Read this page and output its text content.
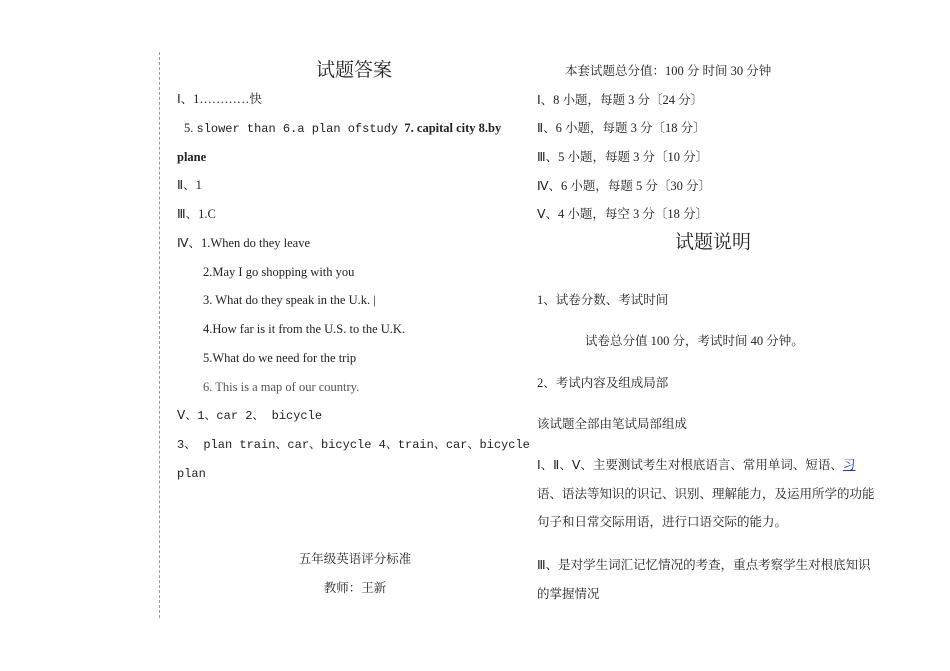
试题答案
Ⅰ、1…………快
5. slower than 6.a plan ofstudy 7. capital city 8.by
plane
Ⅱ、1
Ⅲ、1.C
Ⅳ、1.When do they leave
2.May I go shopping with you
3. What do they speak in the U.k. |
4.How far is it from the U.S. to the U.K.
5.What do we need for the trip
6. This is a map of our country.
Ⅴ、1、car 2、 bicycle
3、 plan train、car、bicycle 4、train、car、bicycle
plan
五年级英语评分标准
教师：王新
本套试题总分值：100 分 时间 30 分钟
Ⅰ、8 小题，每题 3 分〔24 分〕
Ⅱ、6 小题，每题 3 分〔18 分〕
Ⅲ、5 小题，每题 3 分〔10 分〕
Ⅳ、6 小题，每题 5 分〔30 分〕
Ⅴ、4 小题，每空 3 分〔18 分〕
试题说明
1、试卷分数、考试时间
试卷总分值 100 分，考试时间 40 分钟。
2、考试内容及组成局部
该试题全部由笔试局部组成
Ⅰ、Ⅱ、Ⅴ、主要测试考生对根底语言、常用单词、短语、习
语、语法等知识的识记、识别、理解能力，及运用所学的功能
句子和日常交际用语，进行口语交际的能力。
Ⅲ、是对学生词汇记忆情况的考查，重点考察学生对根底知识
的掌握情况
